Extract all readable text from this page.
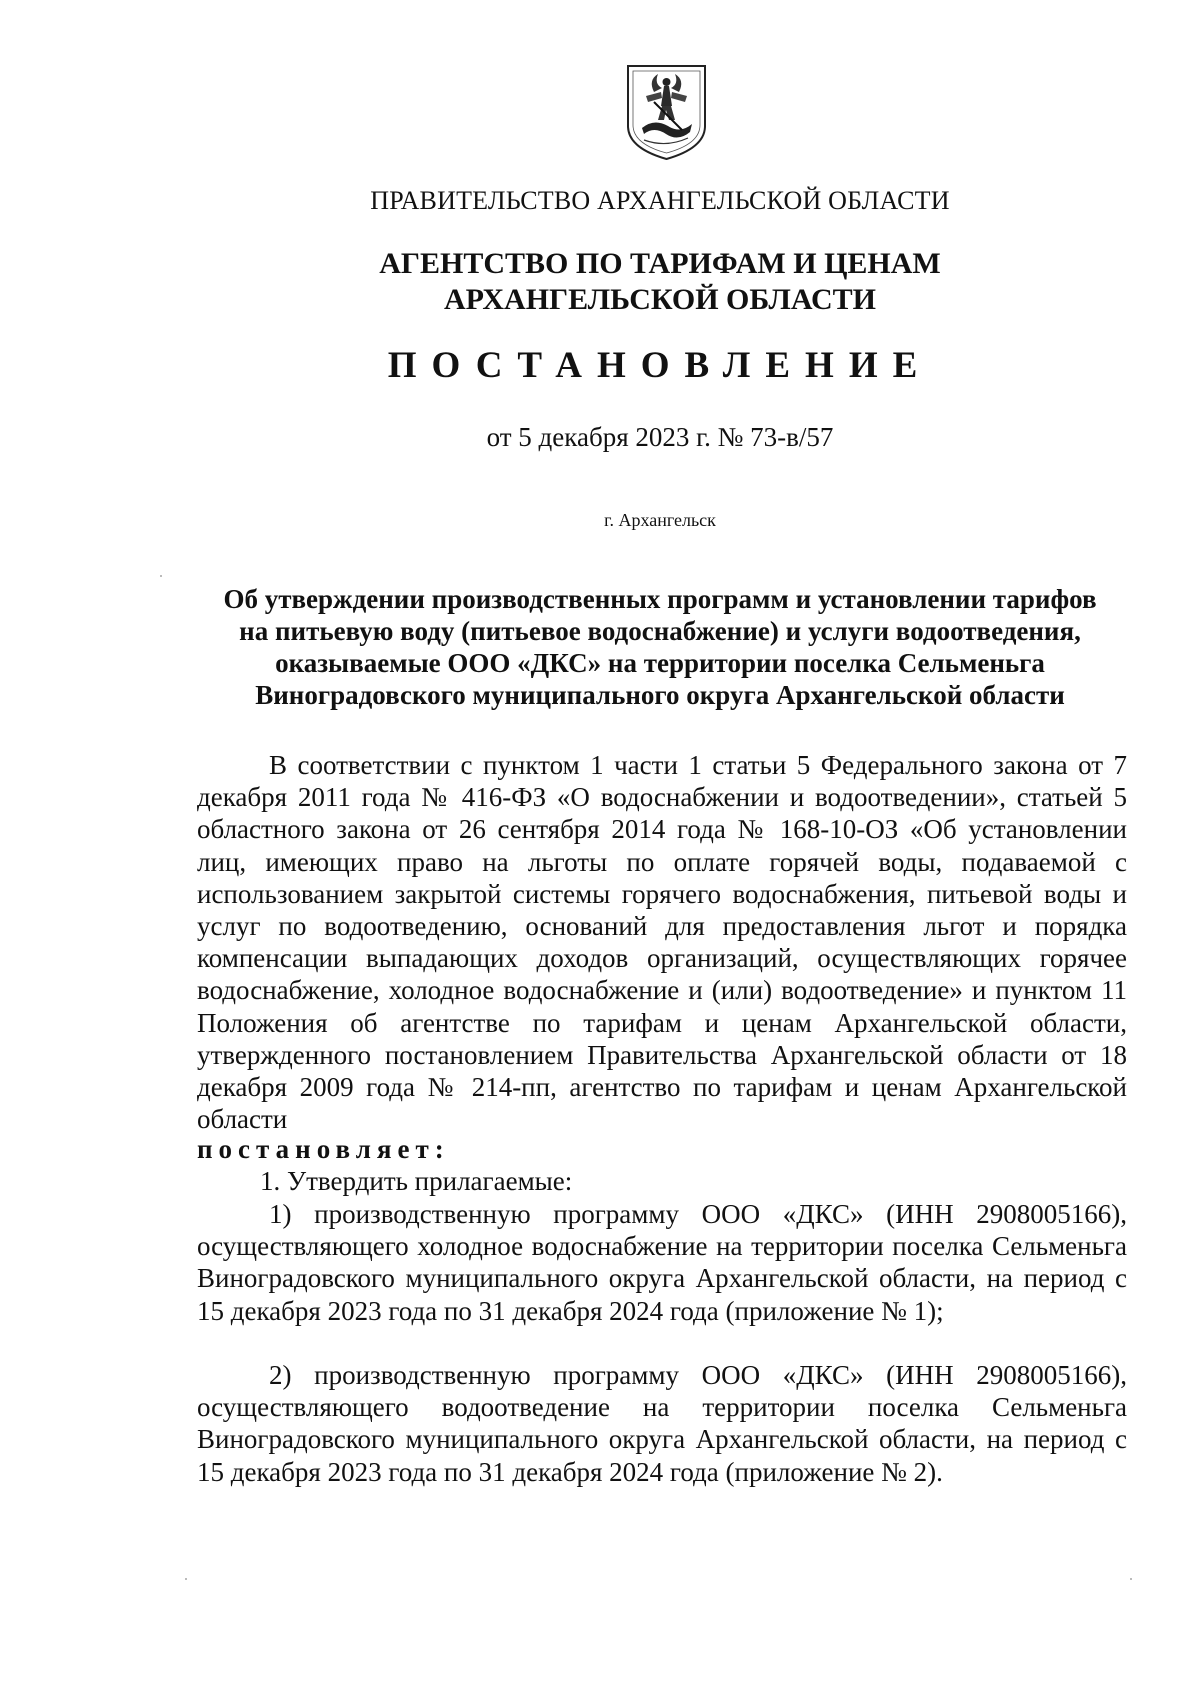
ПРАВИТЕЛЬСТВО АРХАНГЕЛЬСКОЙ ОБЛАСТИ
АГЕНТСТВО ПО ТАРИФАМ И ЦЕНАМ
АРХАНГЕЛЬСКОЙ ОБЛАСТИ
ПОСТАНОВЛЕНИЕ
от 5 декабря 2023 г. № 73-в/57
г. Архангельск
Об утверждении производственных программ и установлении тарифов
на питьевую воду (питьевое водоснабжение) и услуги водоотведения,
оказываемые ООО «ДКС» на территории поселка Сельменьга
Виноградовского муниципального округа Архангельской области

В соответствии с пунктом 1 части 1 статьи 5 Федерального закона от 7 декабря 2011 года № 416-ФЗ «О водоснабжении и водоотведении», статьей 5 областного закона от 26 сентября 2014 года № 168-10-ОЗ «Об установлении лиц, имеющих право на льготы по оплате горячей воды, подаваемой с использованием закрытой системы горячего водоснабжения, питьевой воды и услуг по водоотведению, оснований для предоставления льгот и порядка компенсации выпадающих доходов организаций, осуществляющих горячее водоснабжение, холодное водоснабжение и (или) водоотведение» и пунктом 11 Положения об агентстве по тарифам и ценам Архангельской области, утвержденного постановлением Правительства Архангельской области от 18 декабря 2009 года № 214-пп, агентство по тарифам и ценам Архангельской области

постановляет:
1. Утвердить прилагаемые:

1) производственную программу ООО «ДКС» (ИНН 2908005166), осуществляющего холодное водоснабжение на территории поселка Сельменьга Виноградовского муниципального округа Архангельской области, на период с 15 декабря 2023 года по 31 декабря 2024 года (приложение № 1);

2) производственную программу ООО «ДКС» (ИНН 2908005166), осуществляющего водоотведение на территории поселка Сельменьга Виноградовского муниципального округа Архангельской области, на период с 15 декабря 2023 года по 31 декабря 2024 года (приложение № 2).
